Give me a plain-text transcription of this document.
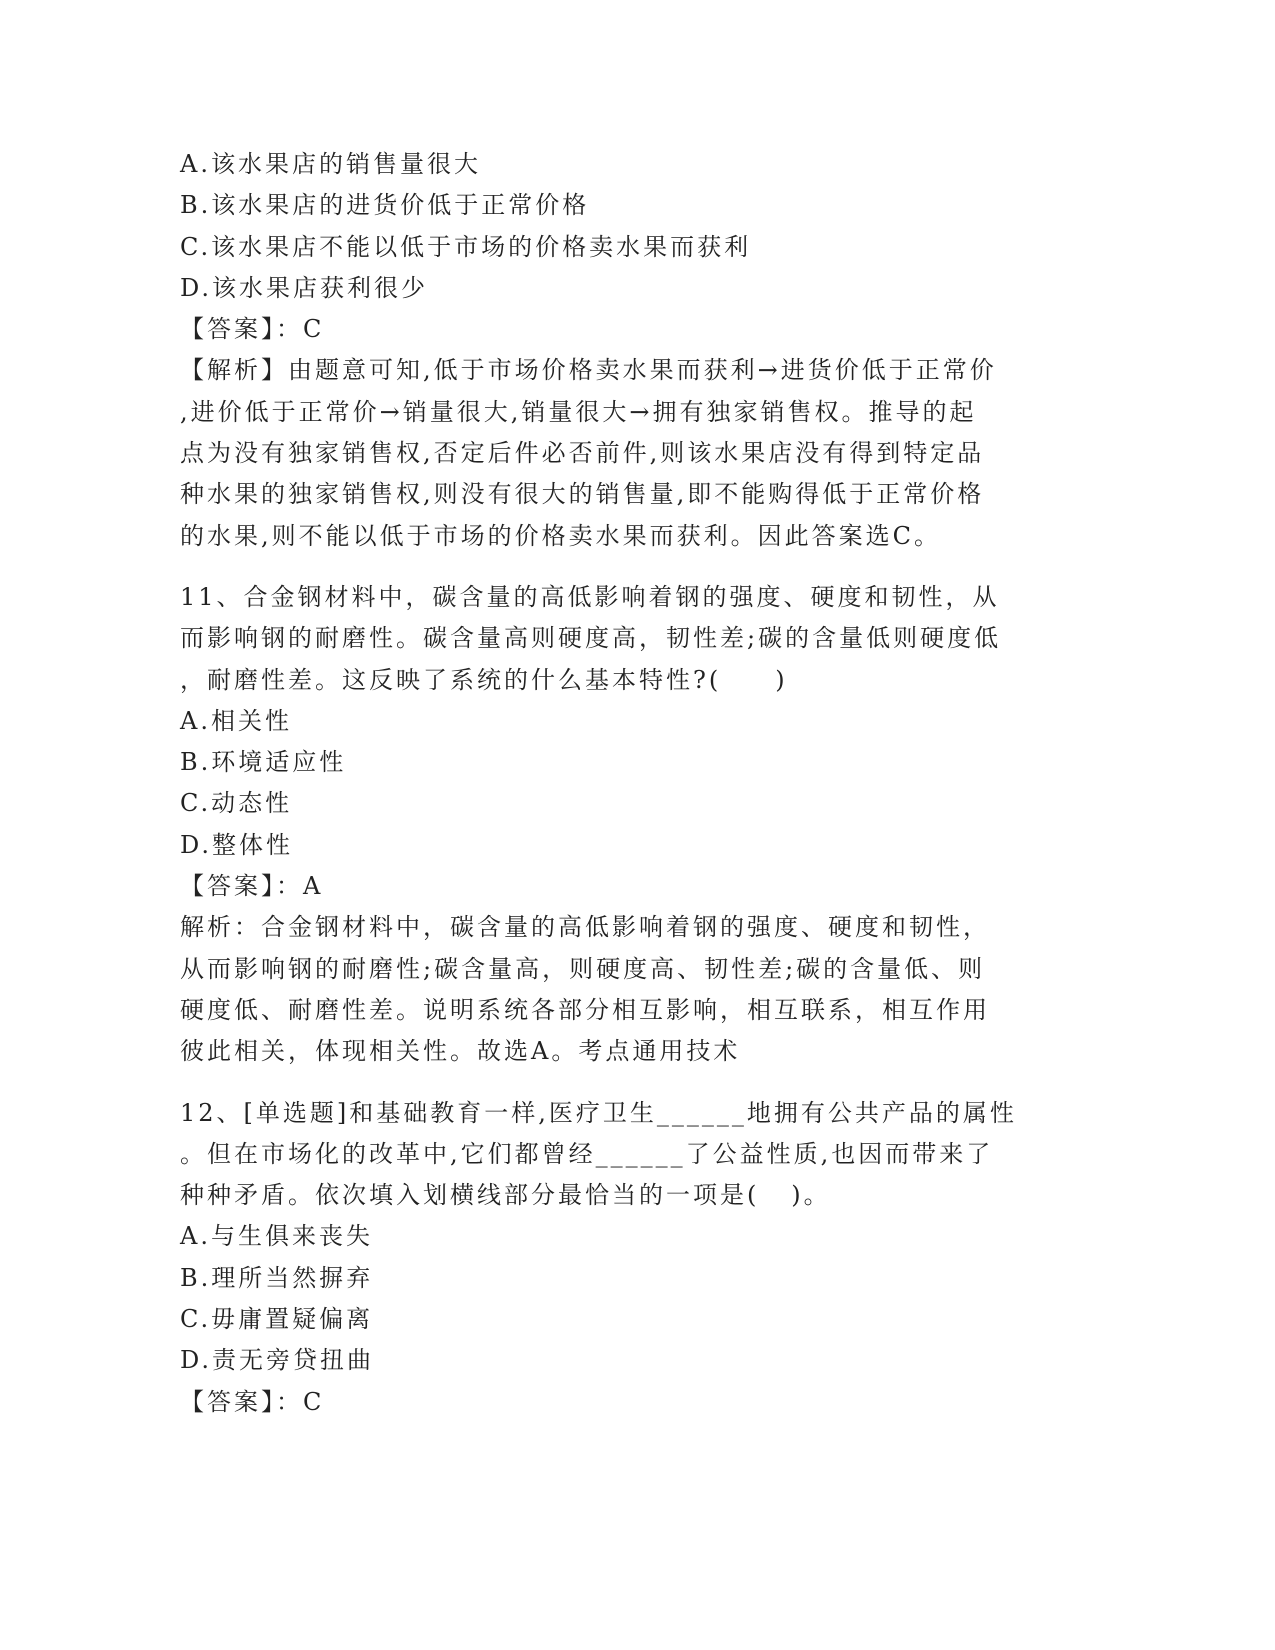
A.该水果店的销售量很大
B.该水果店的进货价低于正常价格
C.该水果店不能以低于市场的价格卖水果而获利
D.该水果店获利很少
【答案】：C
【解析】由题意可知,低于市场价格卖水果而获利→进货价低于正常价
,进价低于正常价→销量很大,销量很大→拥有独家销售权。推导的起
点为没有独家销售权,否定后件必否前件,则该水果店没有得到特定品
种水果的独家销售权,则没有很大的销售量,即不能购得低于正常价格
的水果,则不能以低于市场的价格卖水果而获利。因此答案选C。
11、合金钢材料中，碳含量的高低影响着钢的强度、硬度和韧性，从
而影响钢的耐磨性。碳含量高则硬度高，韧性差;碳的含量低则硬度低
，耐磨性差。这反映了系统的什么基本特性?(　　)
A.相关性
B.环境适应性
C.动态性
D.整体性
【答案】：A
解析：合金钢材料中，碳含量的高低影响着钢的强度、硬度和韧性，
从而影响钢的耐磨性;碳含量高，则硬度高、韧性差;碳的含量低、则
硬度低、耐磨性差。说明系统各部分相互影响，相互联系，相互作用
彼此相关，体现相关性。故选A。考点通用技术
12、[单选题]和基础教育一样,医疗卫生______地拥有公共产品的属性
。但在市场化的改革中,它们都曾经______了公益性质,也因而带来了
种种矛盾。依次填入划横线部分最恰当的一项是(   )。
A.与生俱来丧失
B.理所当然摒弃
C.毋庸置疑偏离
D.责无旁贷扭曲
【答案】：C
